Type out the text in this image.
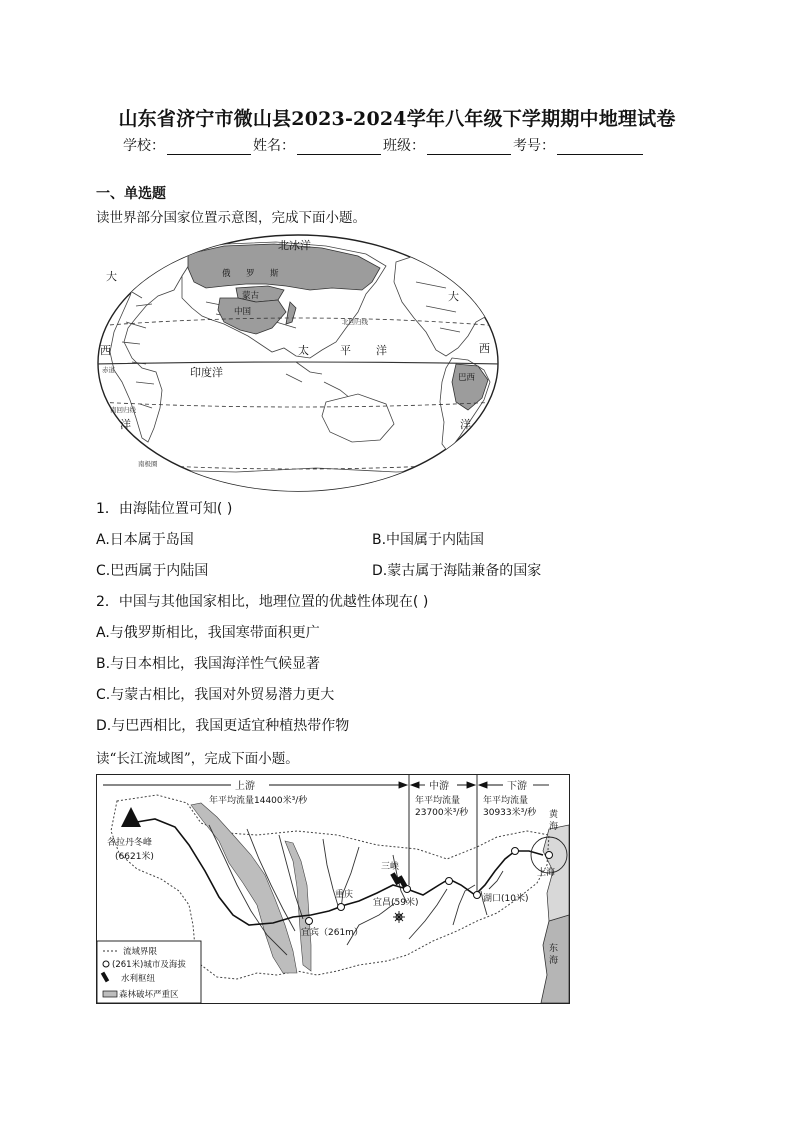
山东省济宁市微山县2023-2024学年八年级下学期期中地理试卷
学校：	姓名：	班级：	考号：
一、单选题
读世界部分国家位置示意图，完成下面小题。
北冰洋
大
西
洋
大
西
洋
太	平 洋
印度洋
俄 罗 斯
蒙古
中国
巴西
北回归线
赤道
南回归线
南极圈
1．由海陆位置可知( )
A.日本属于岛国	B.中国属于内陆国
C.巴西属于内陆国	D.蒙古属于海陆兼备的国家
2．中国与其他国家相比，地理位置的优越性体现在( )
A.与俄罗斯相比，我国寒带面积更广
B.与日本相比，我国海洋性气候显著
C.与蒙古相比，我国对外贸易潜力更大
D.与巴西相比，我国更适宜种植热带作物
读“长江流域图”，完成下面小题。
上游	中游	下游
年平均流量14400米³/秒	年平均流量
23700米³/秒
年平均流量
30933米³/秒 黄
海
东
海
各拉丹冬峰
(6621米)
三峡
重庆
宜昌(59米)
宜宾（261m）
湖口(10米)
上海
流域界限
(261米)城市及海拔
水利枢纽
森林破坏严重区
